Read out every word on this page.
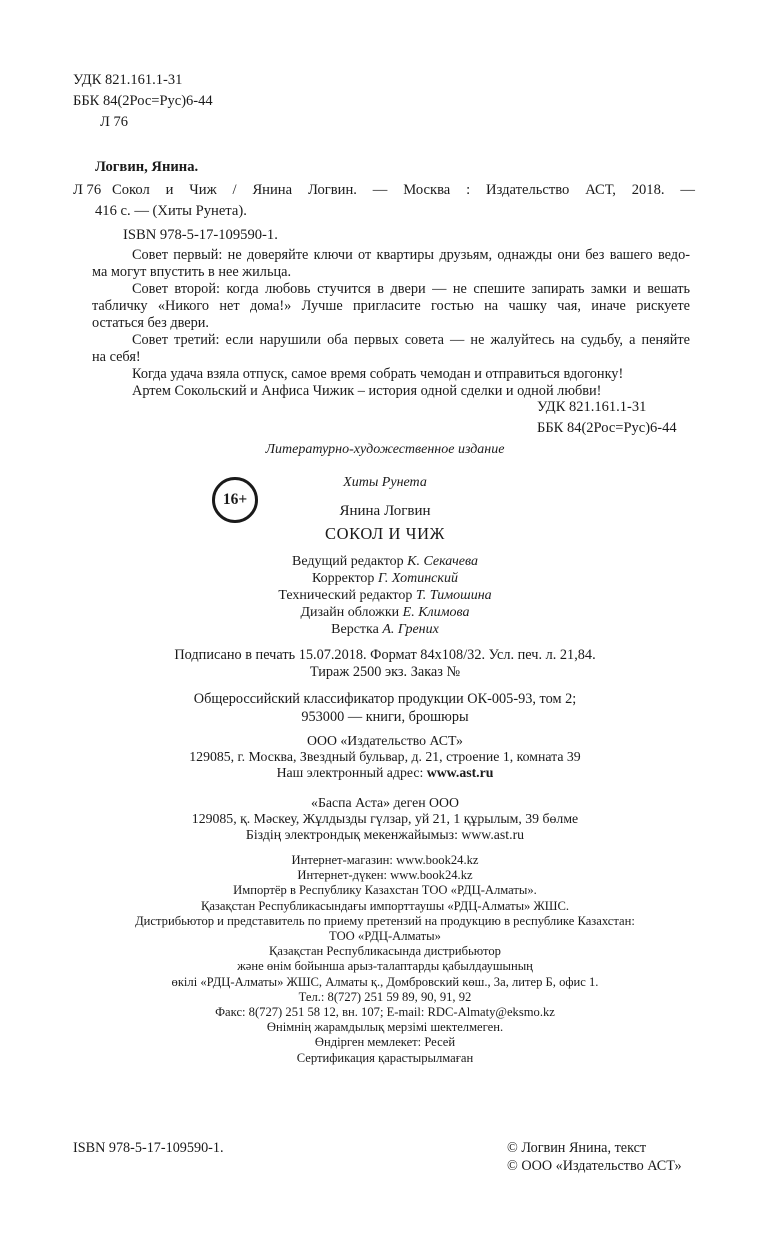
УДК 821.161.1-31
ББК 84(2Рос=Рус)6-44
Л 76
Логвин, Янина.
Л 76 Сокол и Чиж / Янина Логвин. — Москва : Издательство АСТ, 2018. —
416 с. — (Хиты Рунета).
ISBN 978-5-17-109590-1.
Совет первый: не доверяйте ключи от квартиры друзьям, однажды они без вашего ведо-
ма могут впустить в нее жильца.
Совет второй: когда любовь стучится в двери — не спешите запирать замки и вешать
табличку «Никого нет дома!» Лучше пригласите гостью на чашку чая, иначе рискуете
остаться без двери.
Совет третий: если нарушили оба первых совета — не жалуйтесь на судьбу, а пеняйте
на себя!
Когда удача взяла отпуск, самое время собрать чемодан и отправиться вдогонку!
Артем Сокольский и Анфиса Чижик – история одной сделки и одной любви!
УДК 821.161.1-31
ББК 84(2Рос=Рус)6-44
Литературно-художественное издание
16+
Хиты Рунета
Янина Логвин
СОКОЛ И ЧИЖ
Ведущий редактор К. Секачева
Корректор Г. Хотинский
Технический редактор Т. Тимошина
Дизайн обложки Е. Климова
Верстка А. Грених
Подписано в печать 15.07.2018. Формат 84х108/32. Усл. печ. л. 21,84.
Тираж 2500 экз. Заказ №
Общероссийский классификатор продукции ОК-005-93, том 2;
953000 — книги, брошюры
ООО «Издательство АСТ»
129085, г. Москва, Звездный бульвар, д. 21, строение 1, комната 39
Наш электронный адрес: www.ast.ru
«Баспа Аста» деген ООО
129085, қ. Мәскеу, Жұлдызды гүлзар, уй 21, 1 құрылым, 39 бөлме
Біздің электрондық мекенжайымыз: www.ast.ru
Интернет-магазин: www.book24.kz
Интернет-дүкен: www.book24.kz
Импортёр в Республику Казахстан ТОО «РДЦ-Алматы».
Қазақстан Республикасындағы импорттаушы «РДЦ-Алматы» ЖШС.
Дистрибьютор и представитель по приему претензий на продукцию в республике Казахстан:
ТОО «РДЦ-Алматы»
Қазақстан Республикасында дистрибьютор
және өнім бойынша арыз-талаптарды қабылдаушының
өкілі «РДЦ-Алматы» ЖШС, Алматы қ., Домбровский көш., 3а, литер Б, офис 1.
Тел.: 8(727) 251 59 89, 90, 91, 92
Факс: 8(727) 251 58 12, вн. 107; E-mail: RDC-Almaty@eksmo.kz
Өнімнің жарамдылық мерзімі шектелмеген.
Өндірген мемлекет: Ресей
Сертификация қарастырылмаған
ISBN 978-5-17-109590-1.	© Логвин Янина, текст
© ООО «Издательство АСТ»
